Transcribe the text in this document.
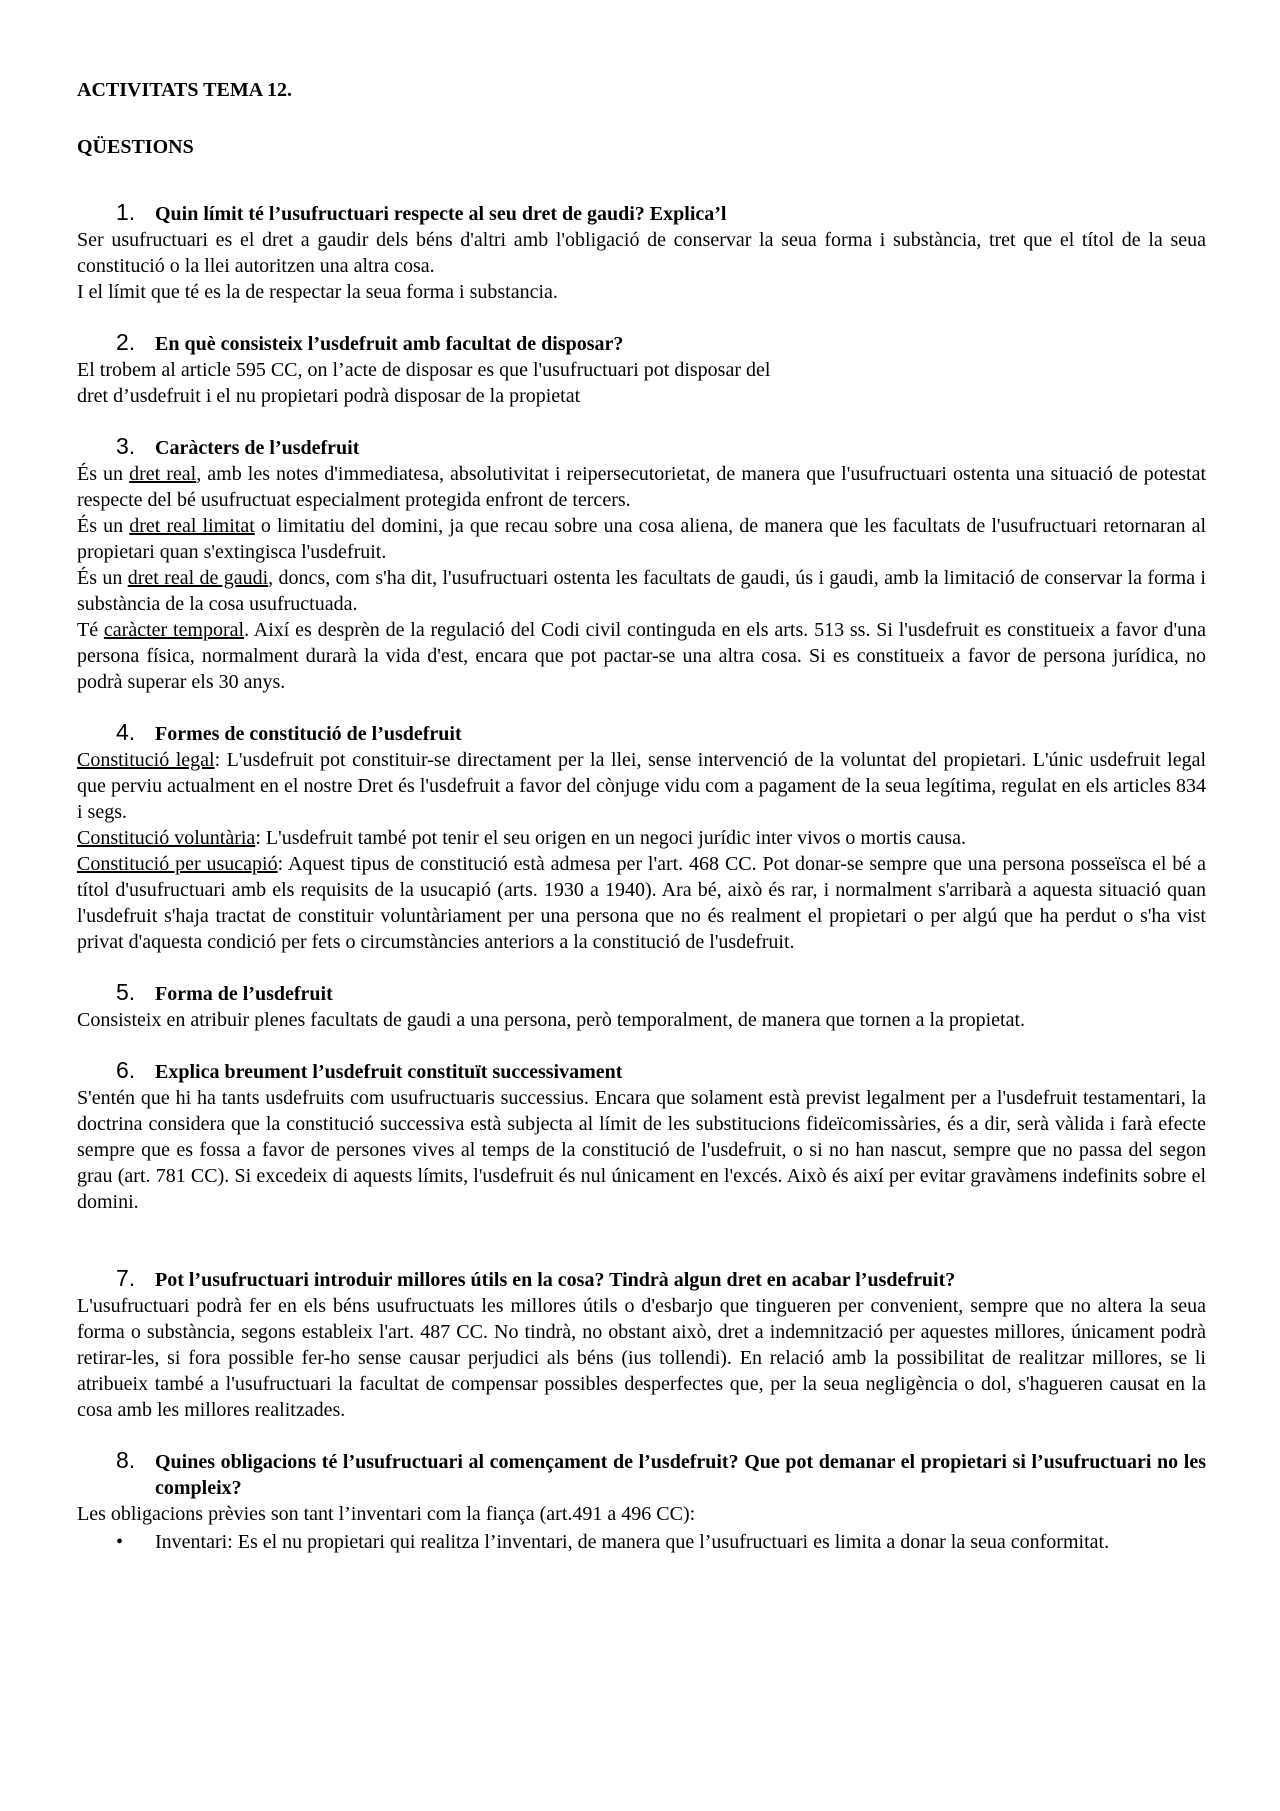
ACTIVITATS TEMA 12.

QÜESTIONS

1. Quin límit té l’usufructuari respecte al seu dret de gaudi? Explica’l

Ser usufructuari es el dret a gaudir dels béns d'altri amb l'obligació de conservar la seua forma i substància, tret que el títol de la seua constitució o la llei autoritzen una altra cosa.

I el límit que té es la de respectar la seua forma i substancia.

2. En què consisteix l’usdefruit amb facultat de disposar?

El trobem al article 595 CC, on l’acte de disposar es que l'usufructuari pot disposar del

dret d’usdefruit i el nu propietari podrà disposar de la propietat

3. Caràcters de l’usdefruit

És un dret real, amb les notes d'immediatesa, absolutivitat i reipersecutorietat, de manera que l'usufructuari ostenta una situació de potestat respecte del bé usufructuat especialment protegida enfront de tercers.

És un dret real limitat o limitatiu del domini, ja que recau sobre una cosa aliena, de manera que les facultats de l'usufructuari retornaran al propietari quan s'extingisca l'usdefruit.

És un dret real de gaudi, doncs, com s'ha dit, l'usufructuari ostenta les facultats de gaudi, ús i gaudi, amb la limitació de conservar la forma i substància de la cosa usufructuada.

Té caràcter temporal. Així es desprèn de la regulació del Codi civil continguda en els arts. 513 ss. Si l'usdefruit es constitueix a favor d'una persona física, normalment durarà la vida d'est, encara que pot pactar-se una altra cosa. Si es constitueix a favor de persona jurídica, no podrà superar els 30 anys.

4. Formes de constitució de l’usdefruit

Constitució legal: L'usdefruit pot constituir-se directament per la llei, sense intervenció de la voluntat del propietari. L'únic usdefruit legal que perviu actualment en el nostre Dret és l'usdefruit a favor del cònjuge vidu com a pagament de la seua legítima, regulat en els articles 834 i segs.

Constitució voluntària: L'usdefruit també pot tenir el seu origen en un negoci jurídic inter vivos o mortis causa.

Constitució per usucapió: Aquest tipus de constitució està admesa per l'art. 468 CC. Pot donar-se sempre que una persona posseïsca el bé a títol d'usufructuari amb els requisits de la usucapió (arts. 1930 a 1940). Ara bé, això és rar, i normalment s'arribarà a aquesta situació quan l'usdefruit s'haja tractat de constituir voluntàriament per una persona que no és realment el propietari o per algú que ha perdut o s'ha vist privat d'aquesta condició per fets o circumstàncies anteriors a la constitució de l'usdefruit.

5. Forma de l’usdefruit

Consisteix en atribuir plenes facultats de gaudi a una persona, però temporalment, de manera que tornen a la propietat.

6. Explica breument l’usdefruit constituït successivament

S'entén que hi ha tants usdefruits com usufructuaris successius. Encara que solament està previst legalment per a l'usdefruit testamentari, la doctrina considera que la constitució successiva està subjecta al límit de les substitucions fideïcomissàries, és a dir, serà vàlida i farà efecte sempre que es fossa a favor de persones vives al temps de la constitució de l'usdefruit, o si no han nascut, sempre que no passa del segon grau (art. 781 CC). Si excedeix di aquests límits, l'usdefruit és nul únicament en l'excés. Això és així per evitar gravàmens indefinits sobre el domini.

7. Pot l’usufructuari introduir millores útils en la cosa? Tindrà algun dret en acabar l’usdefruit?

L'usufructuari podrà fer en els béns usufructuats les millores útils o d'esbarjo que tingueren per convenient, sempre que no altera la seua forma o substància, segons estableix l'art. 487 CC. No tindrà, no obstant això, dret a indemnització per aquestes millores, únicament podrà retirar-les, si fora possible fer-ho sense causar perjudici als béns (ius tollendi). En relació amb la possibilitat de realitzar millores, se li atribueix també a l'usufructuari la facultat de compensar possibles desperfectes que, per la seua negligència o dol, s'hagueren causat en la cosa amb les millores realitzades.

8. Quines obligacions té l’usufructuari al començament de l’usdefruit? Que pot demanar el propietari si l’usufructuari no les compleix?

Les obligacions prèvies son tant l’inventari com la fiança (art.491 a 496 CC):

•	Inventari: Es el nu propietari qui realitza l’inventari, de manera que l’usufructuari es limita a donar la seua conformitat.
